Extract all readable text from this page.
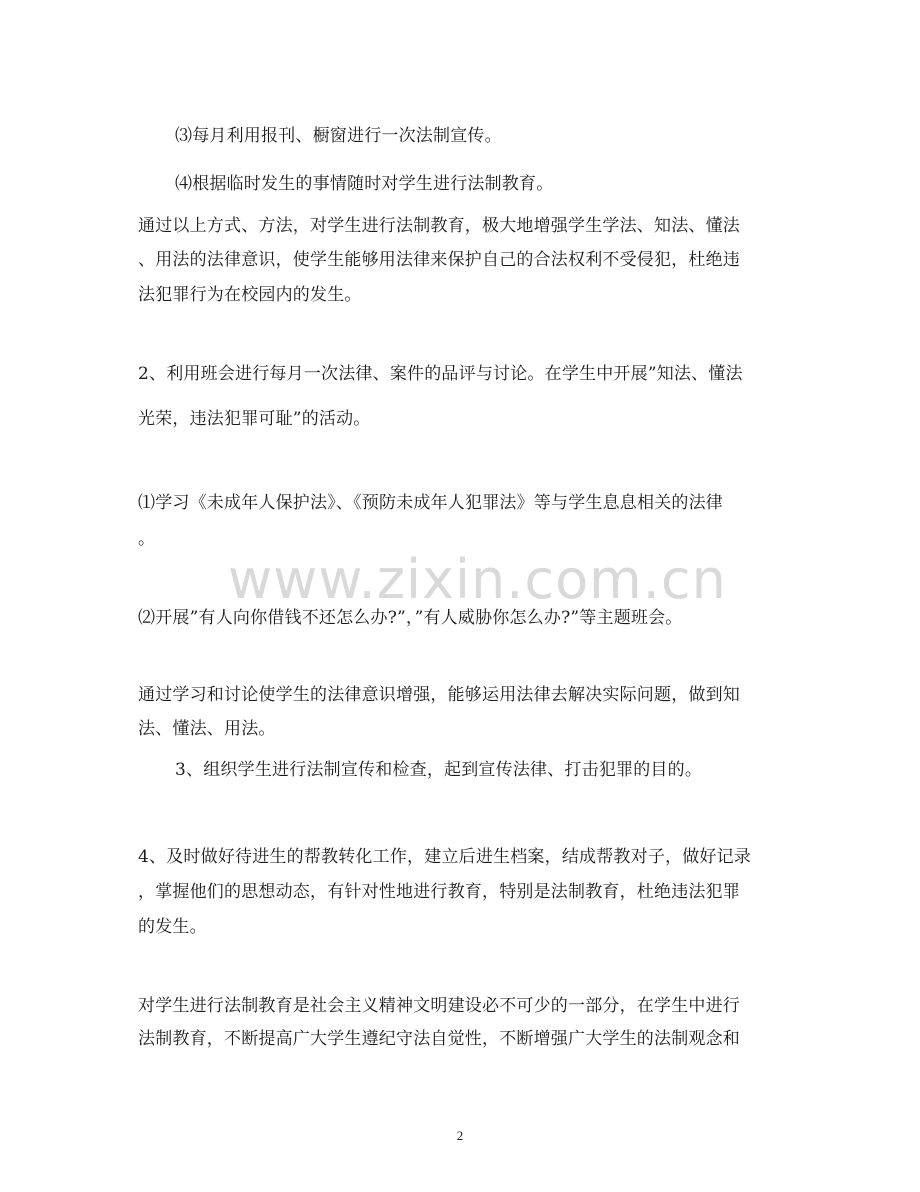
www.zixin.com.cn
⑶每月利用报刊、橱窗进行一次法制宣传。
⑷根据临时发生的事情随时对学生进行法制教育。
通过以上方式、方法，对学生进行法制教育，极大地增强学生学法、知法、懂法
、用法的法律意识，使学生能够用法律来保护自己的合法权利不受侵犯，杜绝违
法犯罪行为在校园内的发生。
2、利用班会进行每月一次法律、案件的品评与讨论。在学生中开展”知法、懂法
光荣，违法犯罪可耻”的活动。
⑴学习《未成年人保护法》、《预防未成年人犯罪法》等与学生息息相关的法律
。
⑵开展”有人向你借钱不还怎么办?”，”有人威胁你怎么办?”等主题班会。
通过学习和讨论使学生的法律意识增强，能够运用法律去解决实际问题，做到知
法、懂法、用法。
3、组织学生进行法制宣传和检查，起到宣传法律、打击犯罪的目的。
4、及时做好待进生的帮教转化工作，建立后进生档案，结成帮教对子，做好记录
，掌握他们的思想动态，有针对性地进行教育，特别是法制教育，杜绝违法犯罪
的发生。
对学生进行法制教育是社会主义精神文明建设必不可少的一部分，在学生中进行
法制教育，不断提高广大学生遵纪守法自觉性，不断增强广大学生的法制观念和
2
